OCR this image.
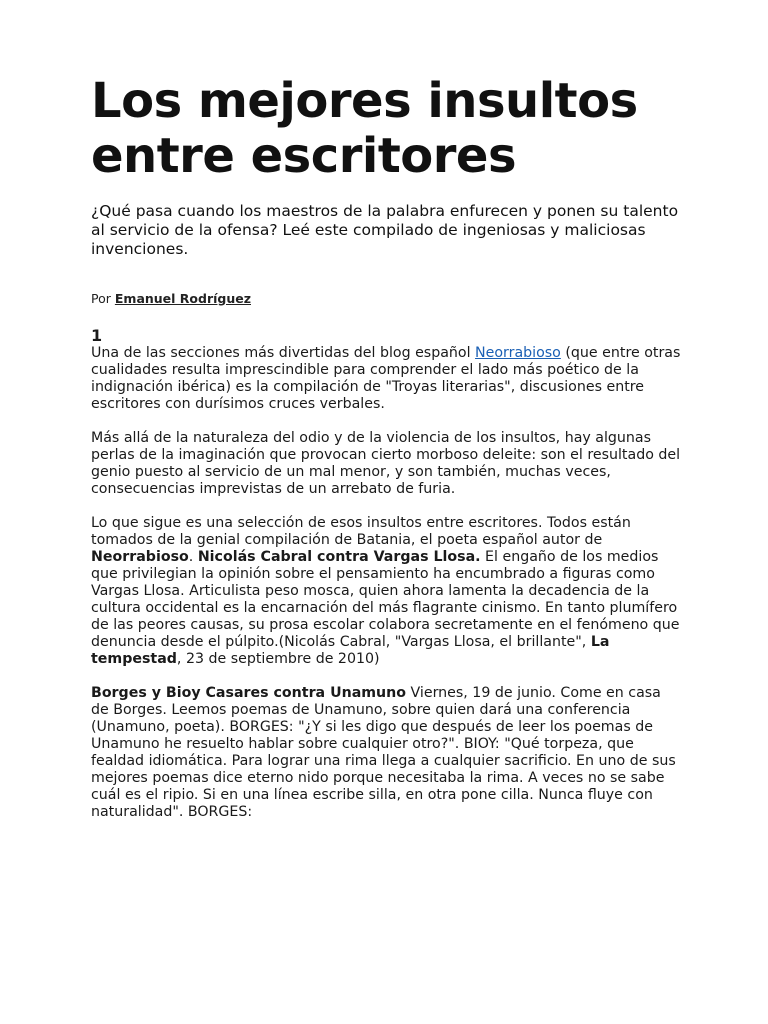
Los mejores insultos entre escritores

¿Qué pasa cuando los maestros de la palabra enfurecen y ponen su talento al servicio de la ofensa? Leé este compilado de ingeniosas y maliciosas invenciones.

Por Emanuel Rodríguez
1

Una de las secciones más divertidas del blog español Neorrabioso (que entre otras cualidades resulta imprescindible para comprender el lado más poético de la indignación ibérica) es la compilación de "Troyas literarias", discusiones entre escritores con durísimos cruces verbales.

Más allá de la naturaleza del odio y de la violencia de los insultos, hay algunas perlas de la imaginación que provocan cierto morboso deleite: son el resultado del genio puesto al servicio de un mal menor, y son también, muchas veces, consecuencias imprevistas de un arrebato de furia.

Lo que sigue es una selección de esos insultos entre escritores. Todos están tomados de la genial compilación de Batania, el poeta español autor de Neorrabioso. Nicolás Cabral contra Vargas Llosa. El engaño de los medios que privilegian la opinión sobre el pensamiento ha encumbrado a figuras como Vargas Llosa. Articulista peso mosca, quien ahora lamenta la decadencia de la cultura occidental es la encarnación del más flagrante cinismo. En tanto plumífero de las peores causas, su prosa escolar colabora secretamente en el fenómeno que denuncia desde el púlpito.(Nicolás Cabral, "Vargas Llosa, el brillante", La tempestad, 23 de septiembre de 2010)

Borges y Bioy Casares contra Unamuno Viernes, 19 de junio. Come en casa de Borges. Leemos poemas de Unamuno, sobre quien dará una conferencia (Unamuno, poeta). BORGES: "¿Y si les digo que después de leer los poemas de Unamuno he resuelto hablar sobre cualquier otro?". BIOY: "Qué torpeza, que fealdad idiomática. Para lograr una rima llega a cualquier sacrificio. En uno de sus mejores poemas dice eterno nido porque necesitaba la rima. A veces no se sabe cuál es el ripio. Si en una línea escribe silla, en otra pone cilla. Nunca fluye con naturalidad". BORGES:
